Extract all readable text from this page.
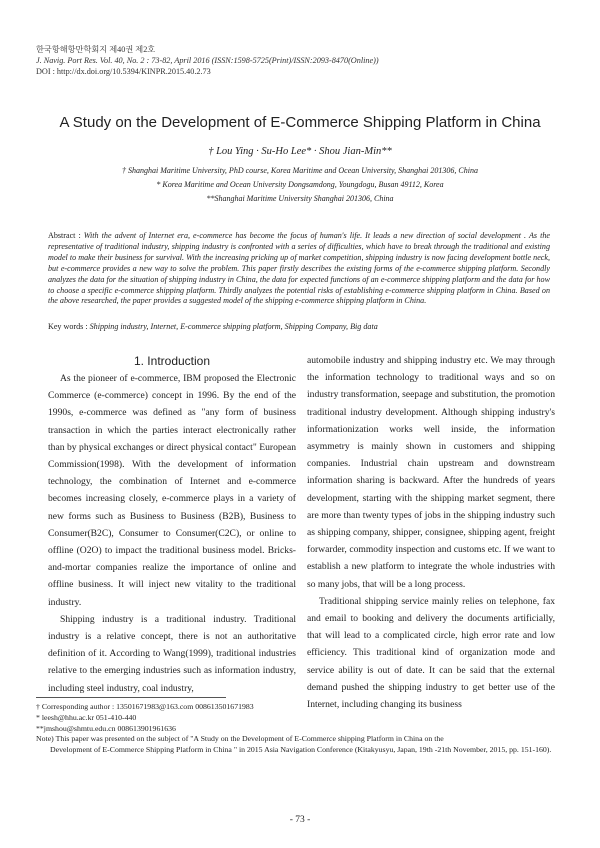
한국항해항만학회지 제40권 제2호
J. Navig. Port Res. Vol. 40, No. 2 : 73-82, April 2016 (ISSN:1598-5725(Print)/ISSN:2093-8470(Online))
DOI : http://dx.doi.org/10.5394/KINPR.2015.40.2.73
A Study on the Development of E-Commerce Shipping Platform in China
† Lou Ying · Su-Ho Lee* · Shou Jian-Min**
† Shanghai Maritime University, PhD course, Korea Maritime and Ocean University, Shanghai 201306, China
* Korea Maritime and Ocean University Dongsamdong, Youngdogu, Busan 49112, Korea
**Shanghai Maritime University Shanghai 201306, China
Abstract : With the advent of Internet era, e-commerce has become the focus of human's life. It leads a new direction of social development . As the representative of traditional industry, shipping industry is confronted with a series of difficulties, which have to break through the traditional and existing model to make their business for survival. With the increasing pricking up of market competition, shipping industry is now facing development bottle neck, but e-commerce provides a new way to solve the problem. This paper firstly describes the existing forms of the e-commerce shipping platform. Secondly analyzes the data for the situation of shipping industry in China, the data for expected functions of an e-commerce shipping platform and the data for how to choose a specific e-commerce shipping platform. Thirdly analyzes the potential risks of establishing e-commerce shipping platform in China. Based on the above researched, the paper provides a suggested model of the shipping e-commerce shipping platform in China.
Key words : Shipping industry, Internet, E-commerce shipping platform, Shipping Company, Big data

1. Introduction

As the pioneer of e-commerce, IBM proposed the Electronic Commerce (e-commerce) concept in 1996. By the end of the 1990s, e-commerce was defined as "any form of business transaction in which the parties interact electronically rather than by physical exchanges or direct physical contact" European Commission(1998). With the development of information technology, the combination of Internet and e-commerce becomes increasing closely, e-commerce plays in a variety of new forms such as Business to Business (B2B), Business to Consumer(B2C), Consumer to Consumer(C2C), or online to offline (O2O) to impact the traditional business model. Bricks-and-mortar companies realize the importance of online and offline business. It will inject new vitality to the traditional industry.

Shipping industry is a traditional industry. Traditional industry is a relative concept, there is not an authoritative definition of it. According to Wang(1999), traditional industries relative to the emerging industries such as information industry, including steel industry, coal industry,

automobile industry and shipping industry etc. We may through the information technology to traditional ways and so on industry transformation, seepage and substitution, the promotion traditional industry development. Although shipping industry's informationization works well inside, the information asymmetry is mainly shown in customers and shipping companies. Industrial chain upstream and downstream information sharing is backward. After the hundreds of years development, starting with the shipping market segment, there are more than twenty types of jobs in the shipping industry such as shipping company, shipper, consignee, shipping agent, freight forwarder, commodity inspection and customs etc. If we want to establish a new platform to integrate the whole industries with so many jobs, that will be a long process.

Traditional shipping service mainly relies on telephone, fax and email to booking and delivery the documents artificially, that will lead to a complicated circle, high error rate and low efficiency. This traditional kind of organization mode and service ability is out of date. It can be said that the external demand pushed the shipping industry to get better use of the Internet, including changing its business

† Corresponding author : 13501671983@163.com 008613501671983
* leesh@hhu.ac.kr 051-410-440
**jmshou@shmtu.edu.cn 008613901961636
Note) This paper was presented on the subject of "A Study on the Development of E-Commerce shipping Platform in China on the
Development of E-Commerce Shipping Platform in China " in 2015 Asia Navigation Conference (Kitakyusyu, Japan, 19th -21th November, 2015, pp. 151-160).
- 73 -
